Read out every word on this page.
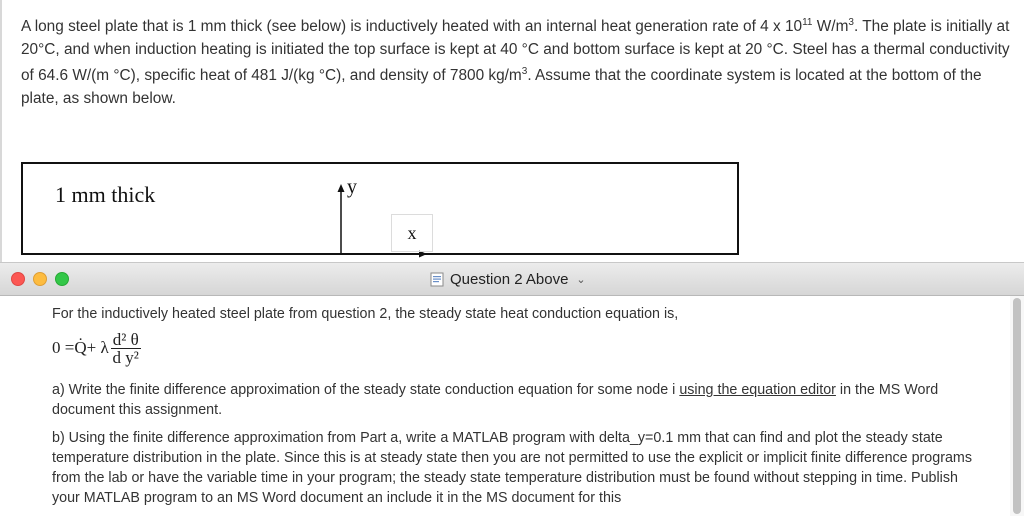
A long steel plate that is 1 mm thick (see below) is inductively heated with an internal heat generation rate of 4 x $10^{11}$ $W/m^3$. The plate is initially at 20°C, and when induction heating is initiated the top surface is kept at 40 °C and bottom surface is kept at 20 °C. Steel has a thermal conductivity of 64.6 W/(m °C), specific heat of 481 J/(kg °C), and density of 7800 $kg/m^3$. Assume that the coordinate system is located at the bottom of the plate, as shown below.
1 mm thick	y
x
Question 2 Above ⌄
For the inductively heated steel plate from question 2, the steady state heat conduction equation is,
0 = Q̇ + λ $\frac{\text{d² θ}}{\text{d y²}}$
a) Write the finite difference approximation of the steady state conduction equation for some node i using the equation editor in the MS Word document this assignment.
b) Using the finite difference approximation from Part a, write a MATLAB program with delta_y=0.1 mm that can find and plot the steady state temperature distribution in the plate. Since this is at steady state then you are not permitted to use the explicit or implicit finite difference programs from the lab or have the variable time in your program; the steady state temperature distribution must be found without stepping in time. Publish your MATLAB program to an MS Word document an include it in the MS document for this
